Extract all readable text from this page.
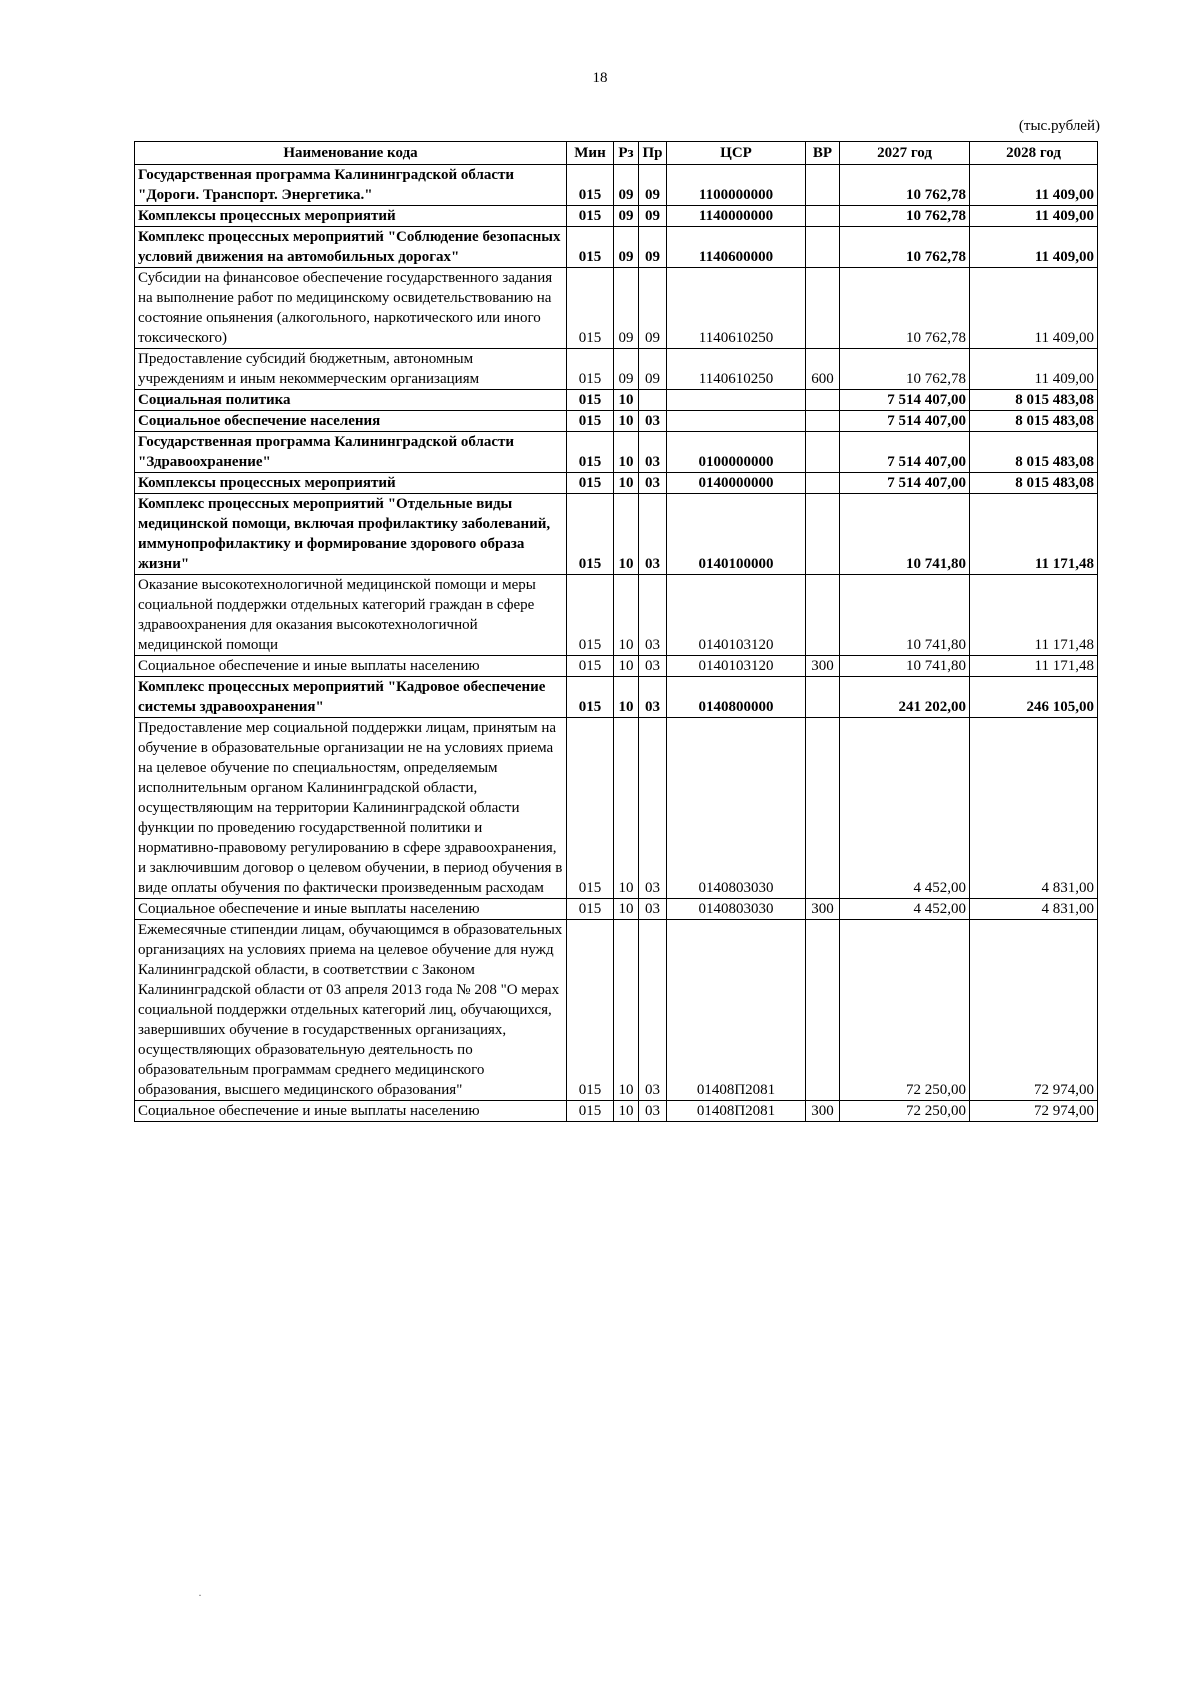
18
(тыс.рублей)
Наименование кода	Мин	Рз	Пр	ЦСР	ВР	2027 год	2028 год
Государственная программа Калининградской области "Дороги. Транспорт. Энергетика."	015	09	09	1100000000		10 762,78	11 409,00
Комплексы процессных мероприятий	015	09	09	1140000000		10 762,78	11 409,00
Комплекс процессных мероприятий "Соблюдение безопасных условий движения на автомобильных дорогах"	015	09	09	1140600000		10 762,78	11 409,00
Субсидии на финансовое обеспечение государственного задания на выполнение работ по медицинскому освидетельствованию на состояние опьянения (алкогольного, наркотического или иного токсического)	015	09	09	1140610250		10 762,78	11 409,00
Предоставление субсидий бюджетным, автономным учреждениям и иным некоммерческим организациям	015	09	09	1140610250	600	10 762,78	11 409,00
Социальная политика	015	10				7 514 407,00	8 015 483,08
Социальное обеспечение населения	015	10	03			7 514 407,00	8 015 483,08
Государственная программа Калининградской области "Здравоохранение"	015	10	03	0100000000		7 514 407,00	8 015 483,08
Комплексы процессных мероприятий	015	10	03	0140000000		7 514 407,00	8 015 483,08
Комплекс процессных мероприятий "Отдельные виды медицинской помощи, включая профилактику заболеваний, иммунопрофилактику и формирование здорового образа жизни"	015	10	03	0140100000		10 741,80	11 171,48
Оказание высокотехнологичной медицинской помощи и меры социальной поддержки отдельных категорий граждан в сфере здравоохранения для оказания высокотехнологичной медицинской помощи	015	10	03	0140103120		10 741,80	11 171,48
Социальное обеспечение и иные выплаты населению	015	10	03	0140103120	300	10 741,80	11 171,48
Комплекс процессных мероприятий "Кадровое обеспечение системы здравоохранения"	015	10	03	0140800000		241 202,00	246 105,00
Предоставление мер социальной поддержки лицам, принятым на обучение в образовательные организации не на условиях приема на целевое обучение по специальностям, определяемым исполнительным органом Калининградской области, осуществляющим на территории Калининградской области функции по проведению государственной политики и нормативно-правовому регулированию в сфере здравоохранения, и заключившим договор о целевом обучении, в период обучения в виде оплаты обучения по фактически произведенным расходам	015	10	03	0140803030		4 452,00	4 831,00
Социальное обеспечение и иные выплаты населению	015	10	03	0140803030	300	4 452,00	4 831,00
Ежемесячные стипендии лицам, обучающимся в образовательных организациях на условиях приема на целевое обучение для нужд Калининградской области, в соответствии с Законом Калининградской области от 03 апреля 2013 года № 208 "О мерах социальной поддержки отдельных категорий лиц, обучающихся, завершивших обучение в государственных организациях, осуществляющих образовательную деятельность по образовательным программам среднего медицинского образования, высшего медицинского образования"	015	10	03	01408П2081		72 250,00	72 974,00
Социальное обеспечение и иные выплаты населению	015	10	03	01408П2081	300	72 250,00	72 974,00
·
